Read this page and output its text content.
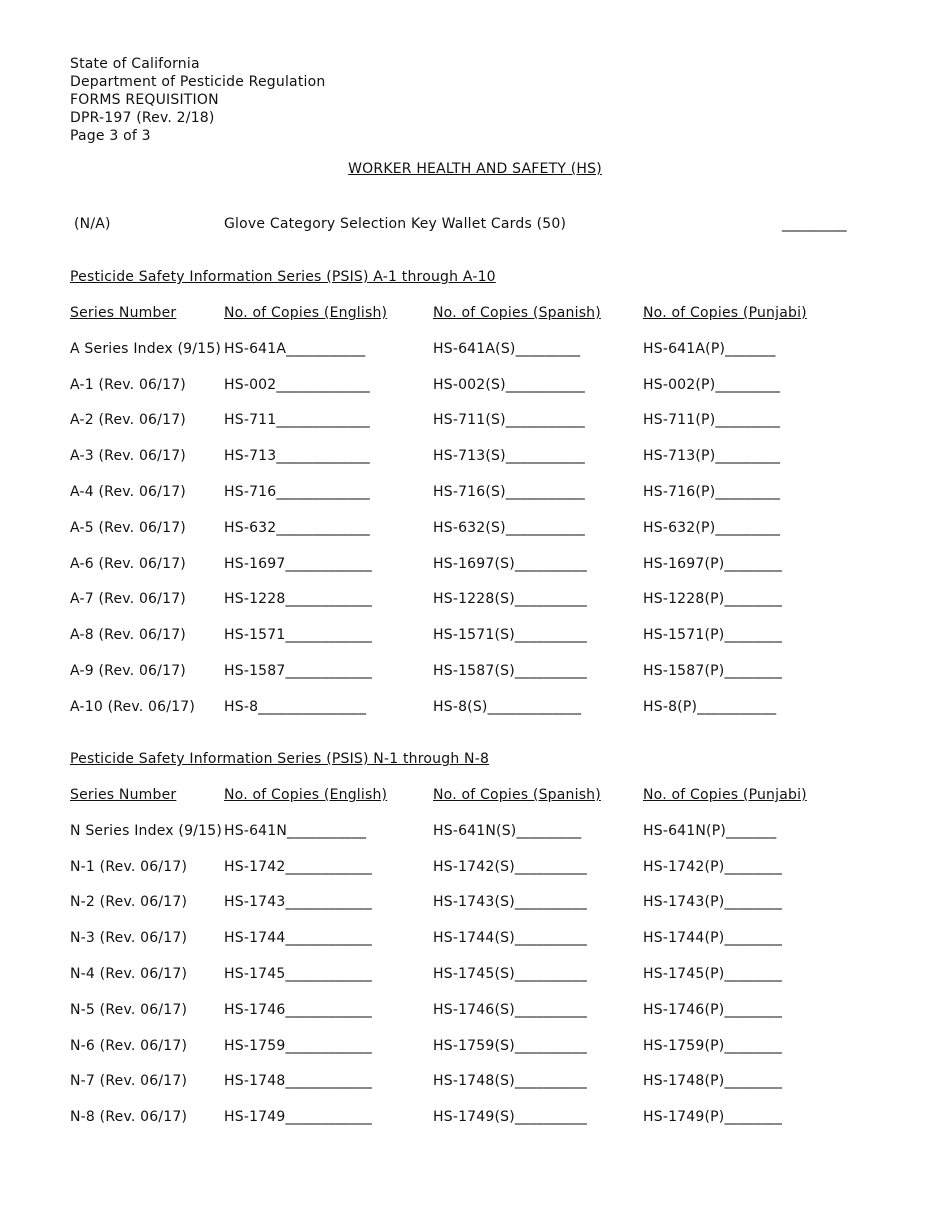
State of California
Department of Pesticide Regulation
FORMS REQUISITION
DPR-197 (Rev. 2/18)
Page 3 of 3
WORKER HEALTH AND SAFETY (HS)
(N/A)	Glove Category Selection Key Wallet Cards (50)	_________
Pesticide Safety Information Series (PSIS) A-1 through A-10
Series Number	No. of Copies (English)	No. of Copies (Spanish)	No. of Copies (Punjabi)
A Series Index (9/15) HS-641A___________	HS-641A(S)_________	HS-641A(P)_______
A-1 (Rev. 06/17)	HS-002_____________	HS-002(S)___________	HS-002(P)_________
A-2 (Rev. 06/17)	HS-711_____________	HS-711(S)___________	HS-711(P)_________
A-3 (Rev. 06/17)	HS-713_____________	HS-713(S)___________	HS-713(P)_________
A-4 (Rev. 06/17)	HS-716_____________	HS-716(S)___________	HS-716(P)_________
A-5 (Rev. 06/17)	HS-632_____________	HS-632(S)___________	HS-632(P)_________
A-6 (Rev. 06/17)	HS-1697____________	HS-1697(S)__________	HS-1697(P)________
A-7 (Rev. 06/17)	HS-1228____________	HS-1228(S)__________	HS-1228(P)________
A-8 (Rev. 06/17)	HS-1571____________	HS-1571(S)__________	HS-1571(P)________
A-9 (Rev. 06/17)	HS-1587____________	HS-1587(S)__________	HS-1587(P)________
A-10 (Rev. 06/17) HS-8_______________	HS-8(S)_____________	HS-8(P)___________
Pesticide Safety Information Series (PSIS) N-1 through N-8
Series Number	No. of Copies (English)	No. of Copies (Spanish)	No. of Copies (Punjabi)
N Series Index (9/15) HS-641N___________	HS-641N(S)_________	HS-641N(P)_______
N-1 (Rev. 06/17)	HS-1742____________	HS-1742(S)__________	HS-1742(P)________
N-2 (Rev. 06/17)	HS-1743____________	HS-1743(S)__________	HS-1743(P)________
N-3 (Rev. 06/17)	HS-1744____________	HS-1744(S)__________	HS-1744(P)________
N-4 (Rev. 06/17)	HS-1745____________	HS-1745(S)__________	HS-1745(P)________
N-5 (Rev. 06/17)	HS-1746____________	HS-1746(S)__________	HS-1746(P)________
N-6 (Rev. 06/17)	HS-1759____________	HS-1759(S)__________	HS-1759(P)________
N-7 (Rev. 06/17)	HS-1748____________	HS-1748(S)__________	HS-1748(P)________
N-8 (Rev. 06/17)	HS-1749____________	HS-1749(S)__________	HS-1749(P)________
